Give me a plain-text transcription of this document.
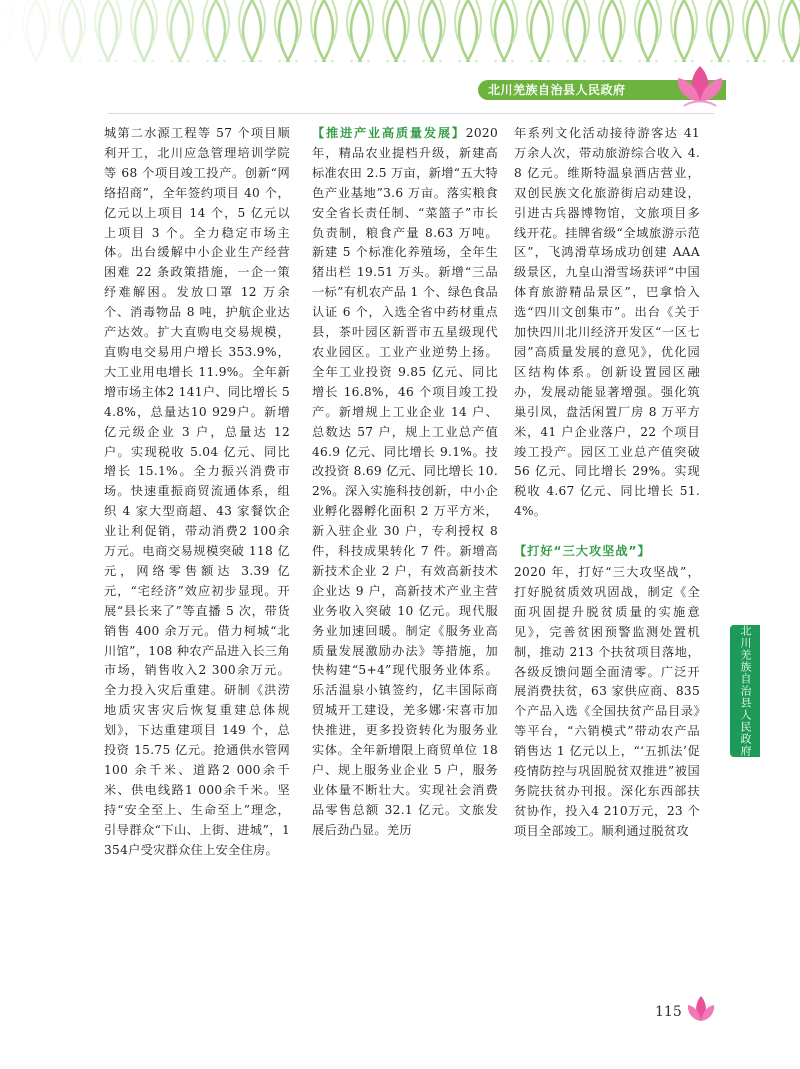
北川羌族自治县人民政府

城第二水源工程等 57 个项目顺利开工，北川应急管理培训学院等 68 个项目竣工投产。创新“网络招商”，全年签约项目 40 个，亿元以上项目 14 个，5 亿元以上项目 3 个。全力稳定市场主体。出台缓解中小企业生产经营困难 22 条政策措施，一企一策纾难解困。发放口罩 12 万余个、消毒物品 8 吨，护航企业达产达效。扩大直购电交易规模，直购电交易用户增长 353.9%，大工业用电增长 11.9%。全年新增市场主体2 141户、同比增长 54.8%，总量达10 929户。新增亿元级企业 3 户，总量达 12 户。实现税收 5.04 亿元、同比增长 15.1%。全力振兴消费市场。快速重振商贸流通体系，组织 4 家大型商超、43 家餐饮企业让利促销，带动消费2 100余万元。电商交易规模突破 118 亿元，网络零售额达 3.39 亿元，“宅经济”效应初步显现。开展“县长来了”等直播 5 次，带货销售 400 余万元。借力柯城“北川馆”，108 种农产品进入长三角市场，销售收入2 300余万元。全力投入灾后重建。研制《洪涝地质灾害灾后恢复重建总体规划》，下达重建项目 149 个，总投资 15.75 亿元。抢通供水管网 100 余千米、道路2 000余千米、供电线路1 000余千米。坚持“安全至上、生命至上”理念，引导群众“下山、上街、进城”，1 354户受灾群众住上安全住房。

【推进产业高质量发展】2020 年，精品农业提档升级，新建高标准农田 2.5 万亩，新增“五大特色产业基地”3.6 万亩。落实粮食安全省长责任制、“菜篮子”市长负责制，粮食产量 8.63 万吨。新建 5 个标准化养殖场，全年生猪出栏 19.51 万头。新增“三品一标”有机农产品 1 个、绿色食品认证 6 个，入选全省中药材重点县，茶叶园区新晋市五星级现代农业园区。工业产业逆势上扬。全年工业投资 9.85 亿元、同比增长 16.8%，46 个项目竣工投产。新增规上工业企业 14 户、总数达 57 户，规上工业总产值 46.9 亿元、同比增长 9.1%。技改投资 8.69 亿元、同比增长 10.2%。深入实施科技创新，中小企业孵化器孵化面积 2 万平方米，新入驻企业 30 户，专利授权 8 件，科技成果转化 7 件。新增高新技术企业 2 户，有效高新技术企业达 9 户，高新技术产业主营业务收入突破 10 亿元。现代服务业加速回暖。制定《服务业高质量发展激励办法》等措施，加快构建“5+4”现代服务业体系。乐活温泉小镇签约，亿丰国际商贸城开工建设，羌多娜·宋喜市加快推进，更多投资转化为服务业实体。全年新增限上商贸单位 18 户、规上服务业企业 5 户，服务业体量不断壮大。实现社会消费品零售总额 32.1 亿元。文旅发展后劲凸显。羌历

年系列文化活动接待游客达 41 万余人次，带动旅游综合收入 4.8 亿元。维斯特温泉酒店营业，双创民族文化旅游街启动建设，引进古兵器博物馆，文旅项目多线开花。挂牌省级“全域旅游示范区”，飞鸿滑草场成功创建 AAA 级景区，九皇山滑雪场获评“中国体育旅游精品景区”，巴拿恰入选“四川文创集市”。出台《关于加快四川北川经济开发区“一区七园”高质量发展的意见》，优化园区结构体系。创新设置园区融办，发展动能显著增强。强化筑巢引凤，盘活闲置厂房 8 万平方米，41 户企业落户，22 个项目竣工投产。园区工业总产值突破 56 亿元、同比增长 29%。实现税收 4.67 亿元、同比增长 51.4%。

【打好“三大攻坚战”】

2020 年，打好“三大攻坚战”，打好脱贫质效巩固战，制定《全面巩固提升脱贫质量的实施意见》，完善贫困预警监测处置机制，推动 213 个扶贫项目落地，各级反馈问题全面清零。广泛开展消费扶贫，63 家供应商、835 个产品入选《全国扶贫产品目录》等平台，“六销模式”带动农产品销售达 1 亿元以上，“‘五抓法’促疫情防控与巩固脱贫双推进”被国务院扶贫办刊报。深化东西部扶贫协作，投入4 210万元，23 个项目全部竣工。顺利通过脱贫攻

北川羌族自治县人民政府
115
